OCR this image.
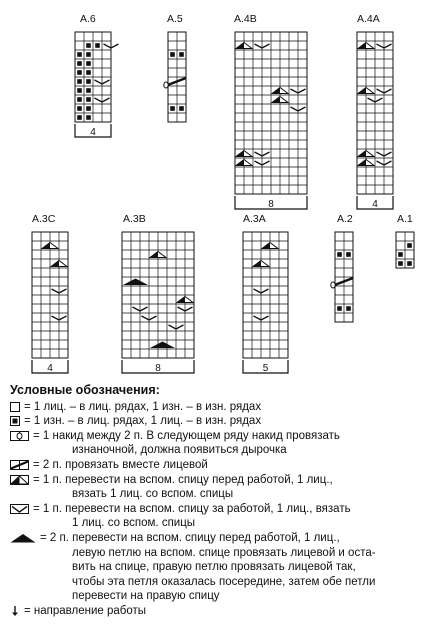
A.6
4
A.5	A.4B
8
A.4A
4
A.3C
4
A.3B
8
A.3A
5
A.2	A.1
Условные обозначения:
= 1 лиц. – в лиц. рядах, 1 изн. – в изн. рядах
= 1 изн. – в лиц. рядах, 1 лиц. – в изн. рядах
= 1 накид между 2 п. В следующем ряду накид провязать
изнаночной, должна появиться дырочка
= 2 п. провязать вместе лицевой
= 1 п. перевести на вспом. спицу перед работой, 1 лиц.,
вязать 1 лиц. со вспом. спицы
= 1 п. перевести на вспом. спицу за работой, 1 лиц., вязать
1 лиц. со вспом. спицы
= 2 п. перевести на вспом. спицу перед работой, 1 лиц.,
левую петлю на вспом. спице провязать лицевой и оста-
вить на спице, правую петлю провязать лицевой так,
чтобы эта петля оказалась посередине, затем обе петли
перевести на правую спицу
= направление работы
